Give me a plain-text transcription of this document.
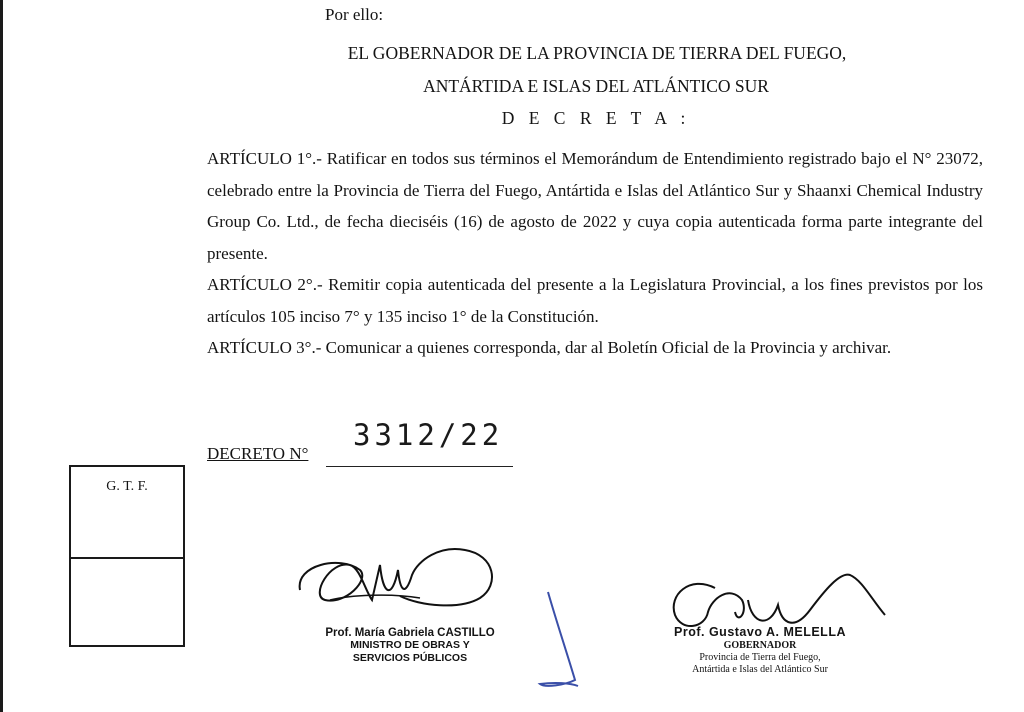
Por ello:
EL GOBERNADOR DE LA PROVINCIA DE TIERRA DEL FUEGO,
ANTÁRTIDA E ISLAS DEL ATLÁNTICO SUR
D E C R E T A :

ARTÍCULO 1°.- Ratificar en todos sus términos el Memorándum de Entendimiento registrado bajo el N° 23072, celebrado entre la Provincia de Tierra del Fuego, Antártida e Islas del Atlántico Sur y Shaanxi Chemical Industry Group Co. Ltd., de fecha dieciséis (16) de agosto de 2022 y cuya copia autenticada forma parte integrante del presente.

ARTÍCULO 2°.- Remitir copia autenticada del presente a la Legislatura Provincial, a los fines previstos por los artículos 105 inciso 7° y 135 inciso 1° de la Constitución.

ARTÍCULO 3°.- Comunicar a quienes corresponda, dar al Boletín Oficial de la Provincia y archivar.

DECRETO N°
3312/22
G. T. F.
Prof. María Gabriela CASTILLO
MINISTRO DE OBRAS Y
SERVICIOS PÚBLICOS
Prof. Gustavo A. MELELLA
GOBERNADOR
Provincia de Tierra del Fuego,
Antártida e Islas del Atlántico Sur
